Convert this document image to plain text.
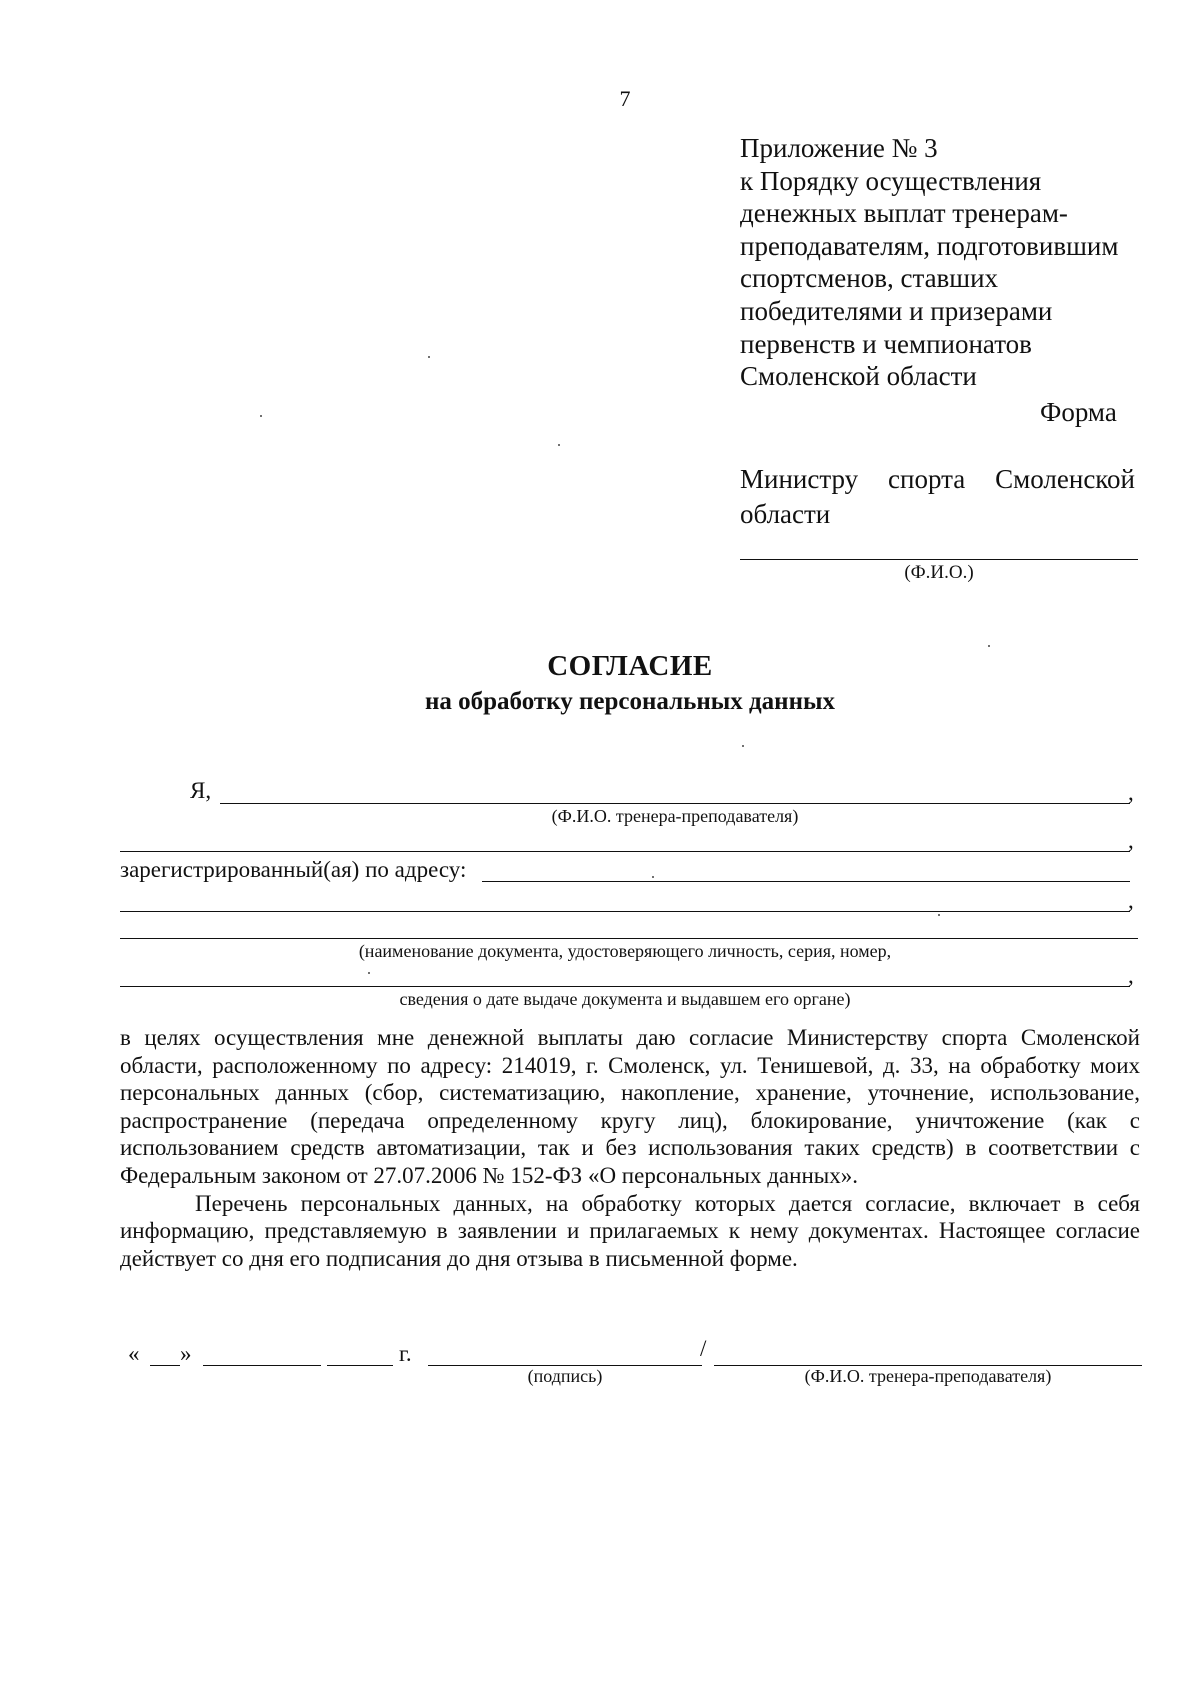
7
Приложение № 3
к Порядку осуществления
денежных выплат тренерам-
преподавателям, подготовившим
спортсменов, ставших
победителями и призерами
первенств и чемпионатов
Смоленской области
Форма
Министру спорта Смоленской
области
(Ф.И.О.)
СОГЛАСИЕ
на обработку персональных данных
Я,	,
(Ф.И.О. тренера-преподавателя)
,
зарегистрированный(ая) по адресу:
,
(наименование документа, удостоверяющего личность, серия, номер,
,
сведения о дате выдаче документа и выдавшем его органе)

в целях осуществления мне денежной выплаты даю согласие Министерству спорта Смоленской области, расположенному по адресу: 214019, г. Смоленск, ул. Тенишевой, д. 33, на обработку моих персональных данных (сбор, систематизацию, накопление, хранение, уточнение, использование, распространение (передача определенному кругу лиц), блокирование, уничтожение (как с использованием средств автоматизации, так и без использования таких средств) в соответствии с Федеральным законом от 27.07.2006 № 152-ФЗ «О персональных данных».

Перечень персональных данных, на обработку которых дается согласие, включает в себя информацию, представляемую в заявлении и прилагаемых к нему документах. Настоящее согласие действует со дня его подписания до дня отзыва в письменной форме.

« »	г.	/
(подпись)	(Ф.И.О. тренера-преподавателя)
